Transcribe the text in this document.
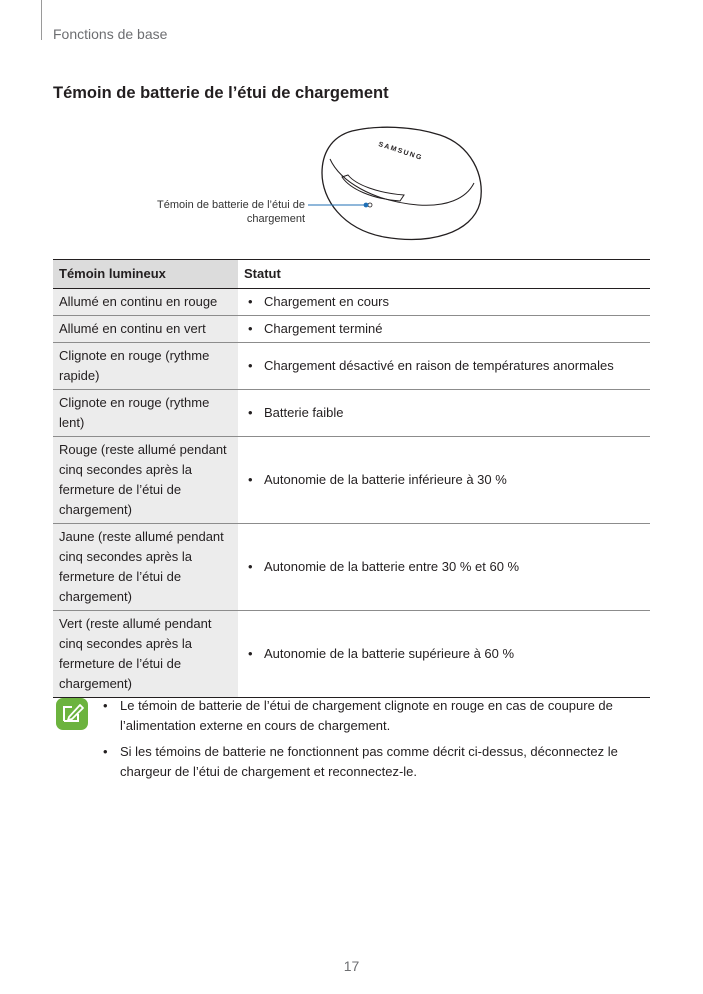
Fonctions de base
Témoin de batterie de l’étui de chargement
SAMSUNG
Témoin de batterie de l’étui de chargement
Témoin lumineux	Statut
Allumé en continu en rouge	• Chargement en cours
Allumé en continu en vert	• Chargement terminé
Clignote en rouge (rythme rapide)	• Chargement désactivé en raison de températures anormales
Clignote en rouge (rythme lent)	• Batterie faible
Rouge (reste allumé pendant cinq secondes après la fermeture de l’étui de chargement)	• Autonomie de la batterie inférieure à 30 %
Jaune (reste allumé pendant cinq secondes après la fermeture de l’étui de chargement)	• Autonomie de la batterie entre 30 % et 60 %
Vert (reste allumé pendant cinq secondes après la fermeture de l’étui de chargement)	• Autonomie de la batterie supérieure à 60 %
• Le témoin de batterie de l’étui de chargement clignote en rouge en cas de coupure de l’alimentation externe en cours de chargement.
• Si les témoins de batterie ne fonctionnent pas comme décrit ci-dessus, déconnectez le chargeur de l’étui de chargement et reconnectez-le.
17
